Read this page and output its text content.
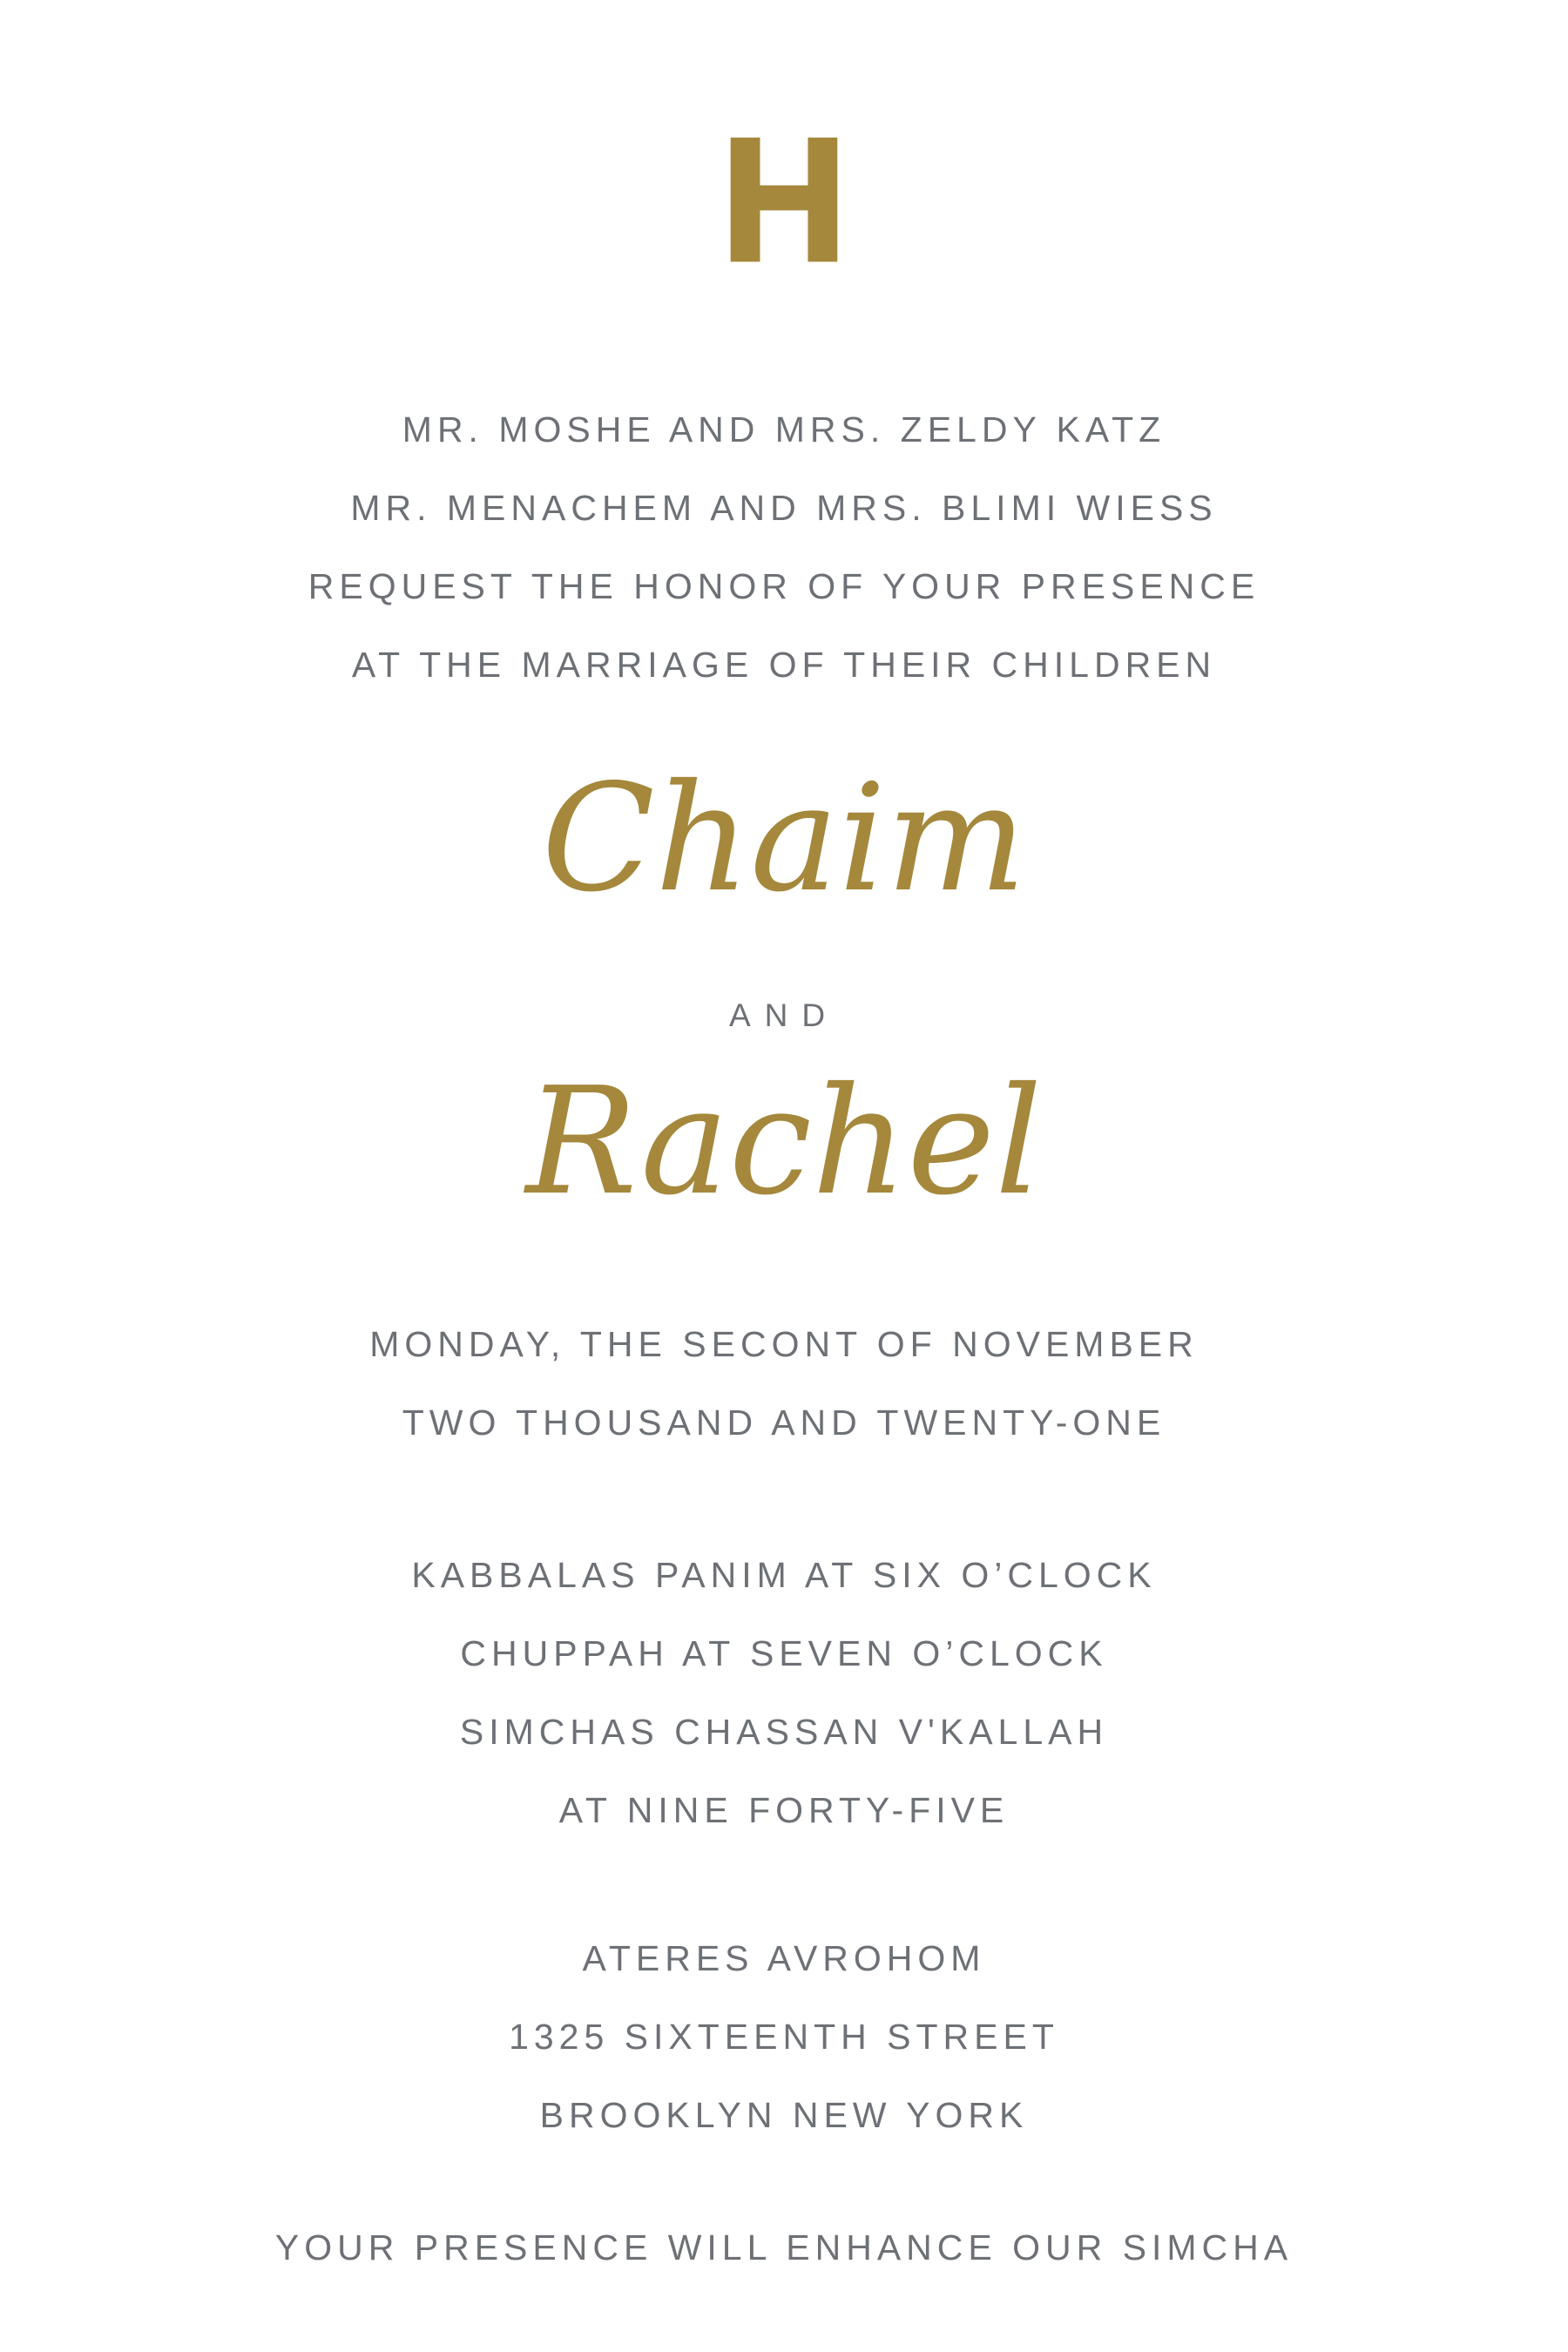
H
MR. MOSHE AND MRS. ZELDY KATZ
MR. MENACHEM AND MRS. BLIMI WIESS
REQUEST THE HONOR OF YOUR PRESENCE
AT THE MARRIAGE OF THEIR CHILDREN
Chaim
AND
Rachel
MONDAY, THE SECONT OF NOVEMBER
TWO THOUSAND AND TWENTY-ONE
KABBALAS PANIM AT SIX O’CLOCK
CHUPPAH AT SEVEN O’CLOCK
SIMCHAS CHASSAN V'KALLAH
AT NINE FORTY-FIVE
ATERES AVROHOM
1325 SIXTEENTH STREET
BROOKLYN NEW YORK
YOUR PRESENCE WILL ENHANCE OUR SIMCHA
